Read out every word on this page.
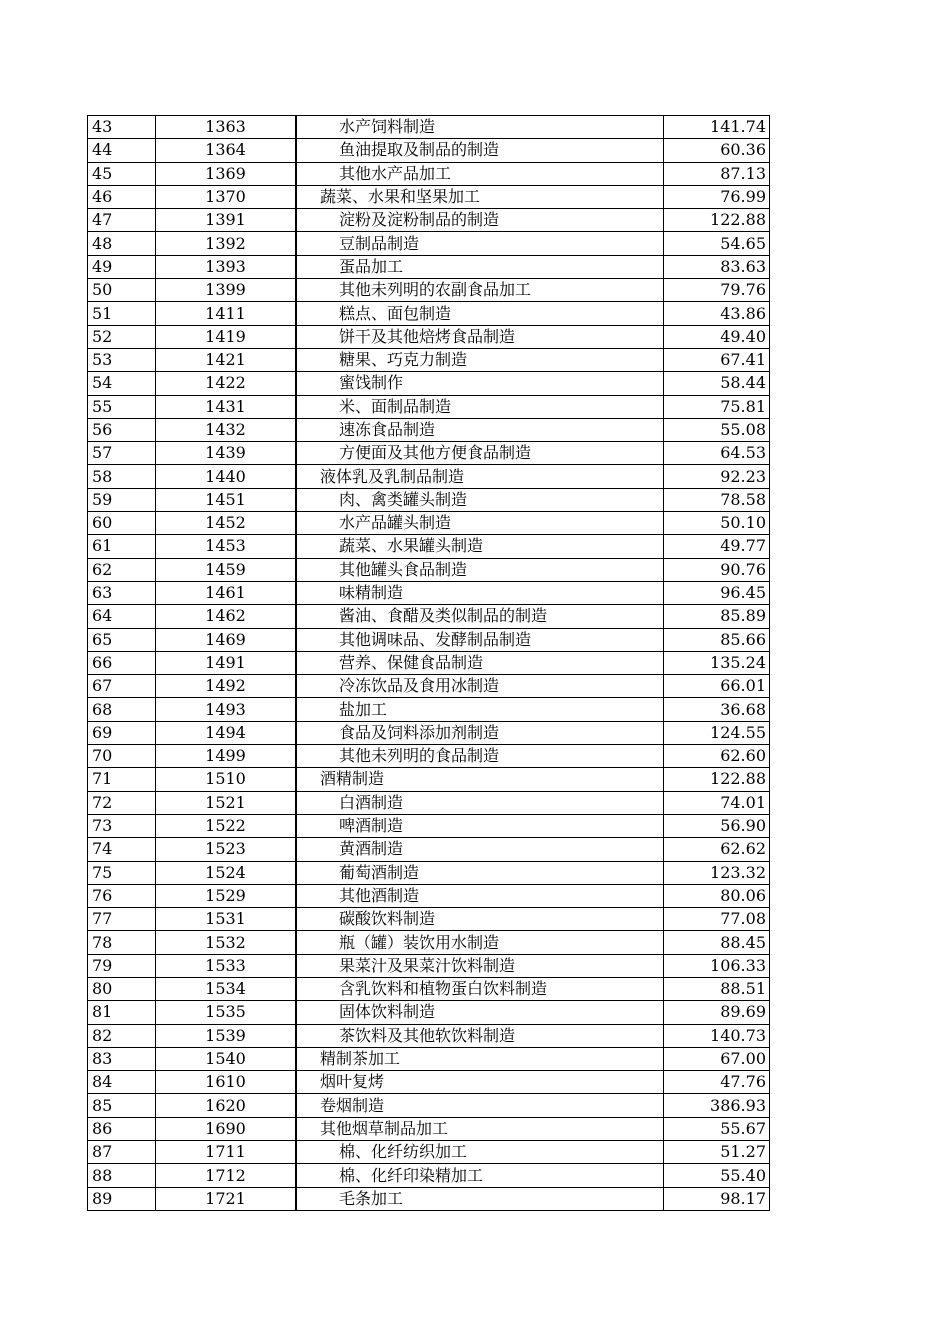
43	1363	水产饲料制造	141.74
44	1364	鱼油提取及制品的制造	60.36
45	1369	其他水产品加工	87.13
46	1370	蔬菜、水果和坚果加工	76.99
47	1391	淀粉及淀粉制品的制造	122.88
48	1392	豆制品制造	54.65
49	1393	蛋品加工	83.63
50	1399	其他未列明的农副食品加工	79.76
51	1411	糕点、面包制造	43.86
52	1419	饼干及其他焙烤食品制造	49.40
53	1421	糖果、巧克力制造	67.41
54	1422	蜜饯制作	58.44
55	1431	米、面制品制造	75.81
56	1432	速冻食品制造	55.08
57	1439	方便面及其他方便食品制造	64.53
58	1440	液体乳及乳制品制造	92.23
59	1451	肉、禽类罐头制造	78.58
60	1452	水产品罐头制造	50.10
61	1453	蔬菜、水果罐头制造	49.77
62	1459	其他罐头食品制造	90.76
63	1461	味精制造	96.45
64	1462	酱油、食醋及类似制品的制造	85.89
65	1469	其他调味品、发酵制品制造	85.66
66	1491	营养、保健食品制造	135.24
67	1492	冷冻饮品及食用冰制造	66.01
68	1493	盐加工	36.68
69	1494	食品及饲料添加剂制造	124.55
70	1499	其他未列明的食品制造	62.60
71	1510	酒精制造	122.88
72	1521	白酒制造	74.01
73	1522	啤酒制造	56.90
74	1523	黄酒制造	62.62
75	1524	葡萄酒制造	123.32
76	1529	其他酒制造	80.06
77	1531	碳酸饮料制造	77.08
78	1532	瓶（罐）装饮用水制造	88.45
79	1533	果菜汁及果菜汁饮料制造	106.33
80	1534	含乳饮料和植物蛋白饮料制造	88.51
81	1535	固体饮料制造	89.69
82	1539	茶饮料及其他软饮料制造	140.73
83	1540	精制茶加工	67.00
84	1610	烟叶复烤	47.76
85	1620	卷烟制造	386.93
86	1690	其他烟草制品加工	55.67
87	1711	棉、化纤纺织加工	51.27
88	1712	棉、化纤印染精加工	55.40
89	1721	毛条加工	98.17
